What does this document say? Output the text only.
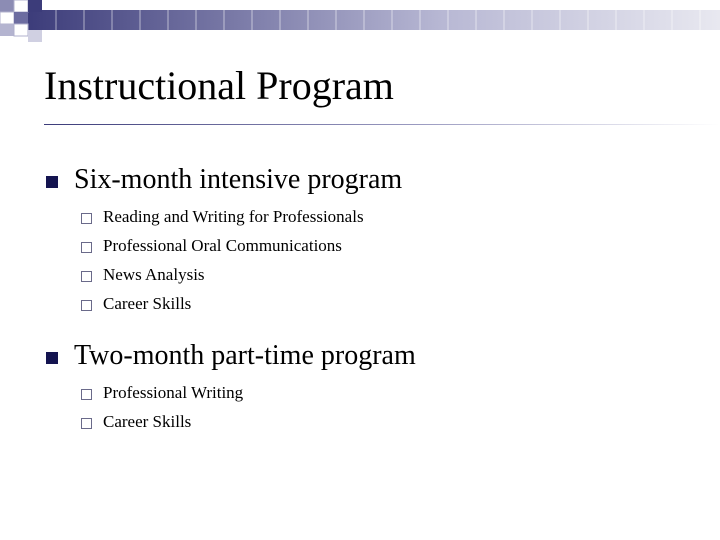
Instructional Program
Six-month intensive program
Reading and Writing for Professionals
Professional Oral Communications
News Analysis
Career Skills
Two-month part-time program
Professional Writing
Career Skills
